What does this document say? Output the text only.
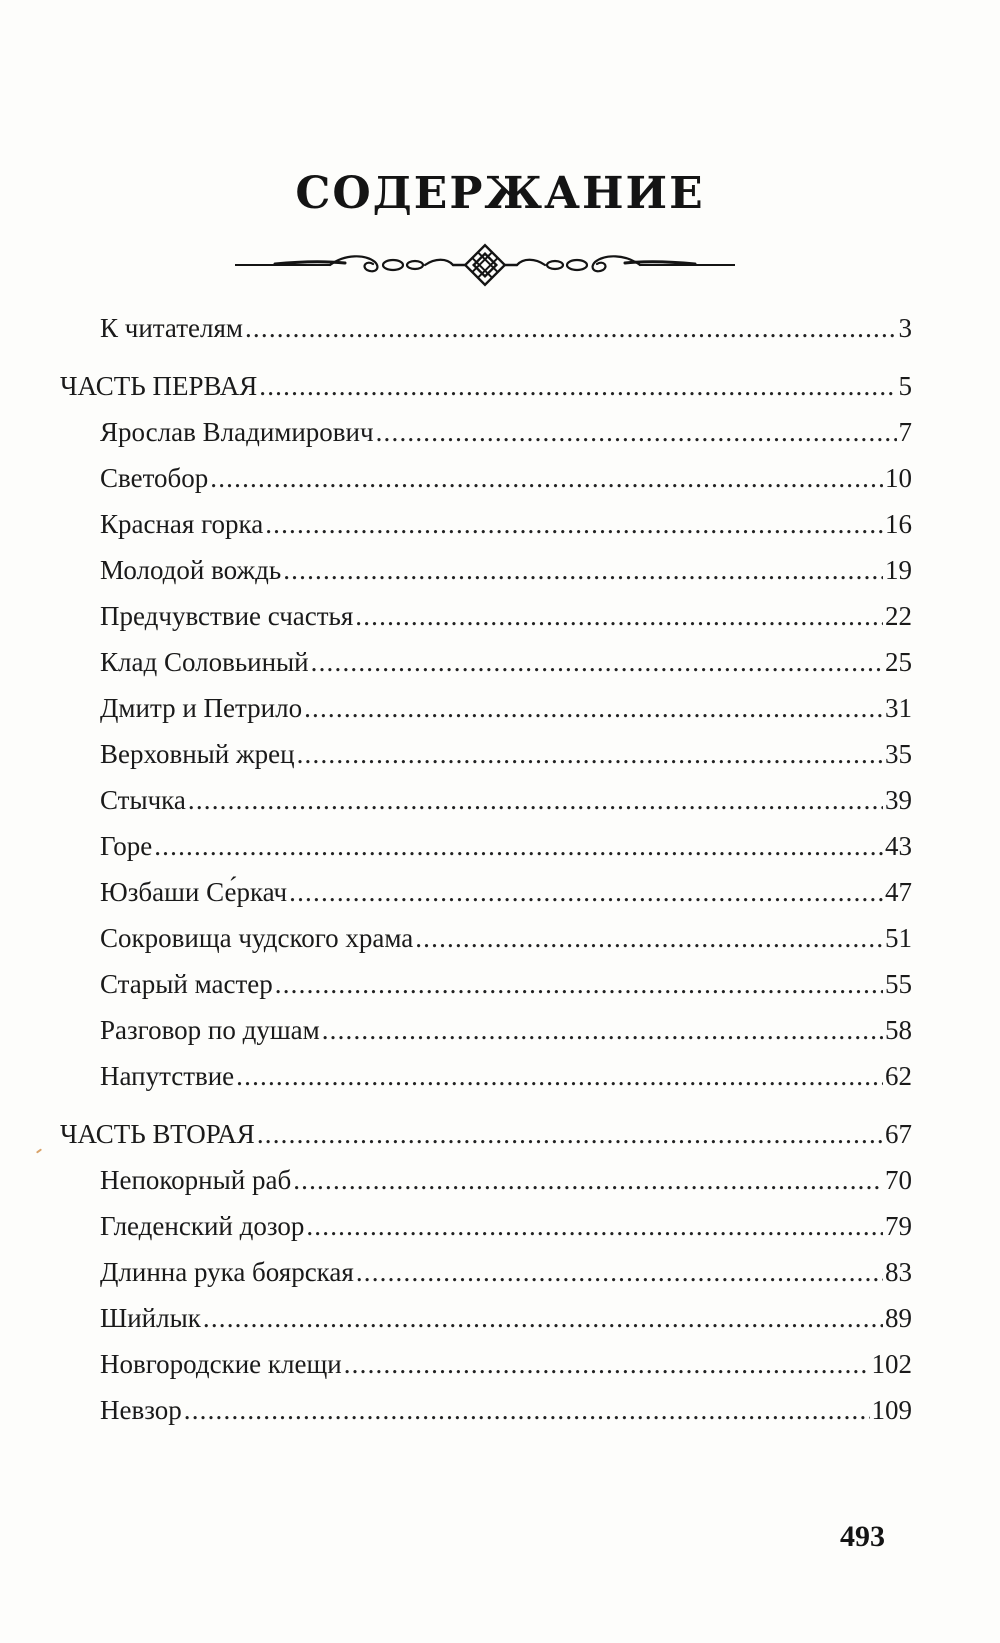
СОДЕРЖАНИЕ
К читателям .....	3
ЧАСТЬ ПЕРВАЯ .....	5
Ярослав Владимирович .....	7
Светобор .....	10
Красная горка .....	16
Молодой вождь .....	19
Предчувствие счастья .....	22
Клад Соловьиный .....	25
Дмитр и Петрило .....	31
Верховный жрец .....	35
Стычка .....	39
Горе .....	43
Юзбаши Се́ркач .....	47
Сокровища чудского храма .....	51
Старый мастер .....	55
Разговор по душам .....	58
Напутствие .....	62
ЧАСТЬ ВТОРАЯ .....	67
Непокорный раб .....	70
Гледенский дозор .....	79
Длинна рука боярская .....	83
Шийлык .....	89
Новгородские клещи .....	102
Невзор .....	109
493
